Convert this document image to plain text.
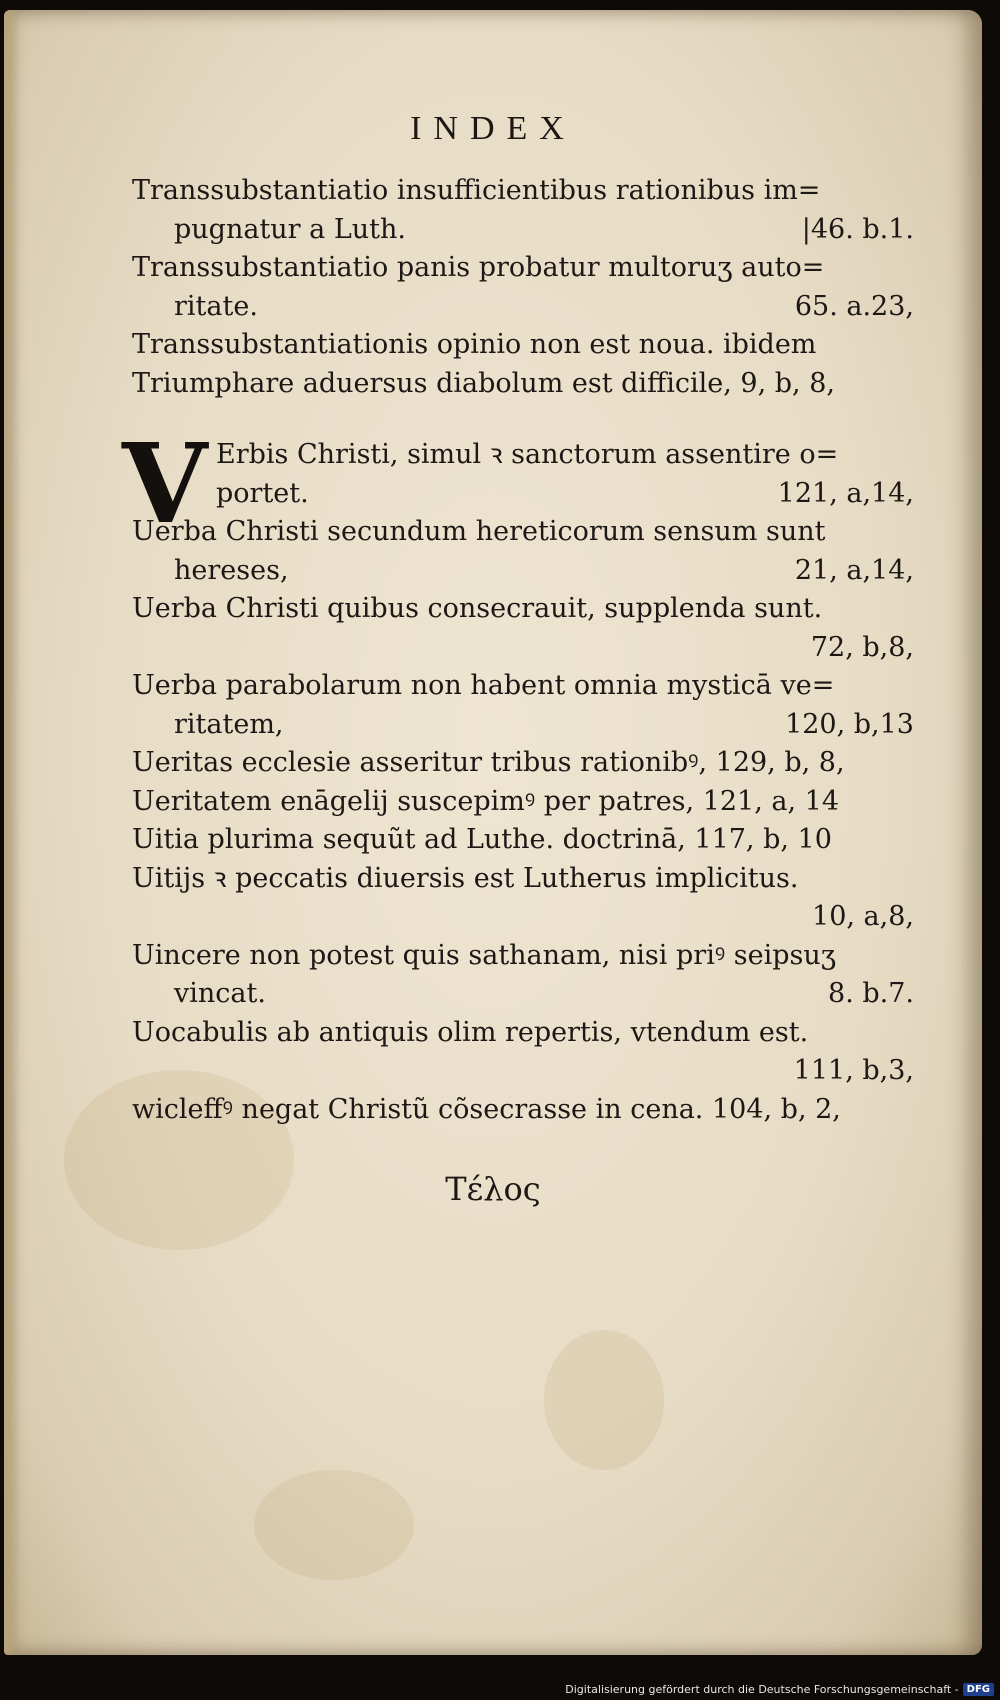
INDEX
Transsubstantiatio insufficientibus rationibus im=
pugnatur a Luth.	|46. b.1.
Transsubstantiatio panis probatur multoruʒ auto=
ritate.	65. a.23,
Transsubstantiationis opinio non est noua. ibidem
Triumphare aduersus diabolum est difficile, 9, b, 8,
V Erbis Christi, simul ꝛ sanctorum assentire o=
portet.	121, a,14,
Uerba Christi secundum hereticorum sensum sunt
hereses,	21, a,14,
Uerba Christi quibus consecrauit, supplenda sunt.
72, b,8,
Uerba parabolarum non habent omnia mysticā ve=
ritatem,	120, b,13
Ueritas ecclesie asseritur tribus rationibꝰ, 129, b, 8,
Ueritatem enāgelij suscepimꝰ per patres, 121, a, 14
Uitia plurima sequũt ad Luthe. doctrinā, 117, b, 10
Uitijs ꝛ peccatis diuersis est Lutherus implicitus.
10, a,8,
Uincere non potest quis sathanam, nisi priꝰ seipsuʒ
vincat.	8. b.7.
Uocabulis ab antiquis olim repertis, vtendum est.
111, b,3,
wicleffꝰ negat Christũ cõsecrasse in cena. 104, b, 2,
Τέλος
Digitalisierung gefördert durch die Deutsche Forschungsgemeinschaft - DFG
